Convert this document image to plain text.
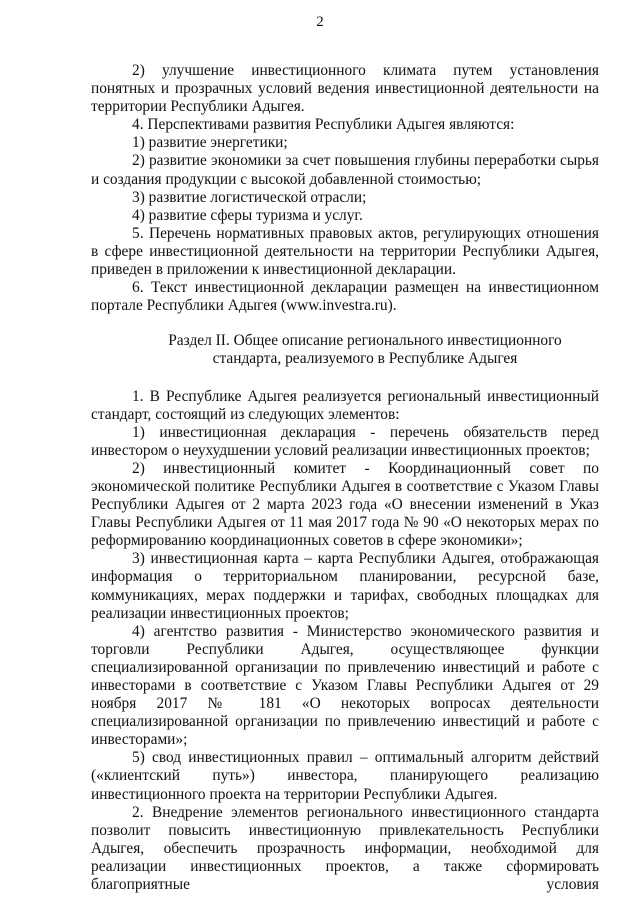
2

2) улучшение инвестиционного климата путем установления понятных и прозрачных условий ведения инвестиционной деятельности на территории Республики Адыгея.

4. Перспективами развития Республики Адыгея являются:

1) развитие энергетики;

2) развитие экономики за счет повышения глубины переработки сырья и создания продукции с высокой добавленной стоимостью;

3) развитие логистической отрасли;

4) развитие сферы туризма и услуг.

5. Перечень нормативных правовых актов, регулирующих отношения в сфере инвестиционной деятельности на территории Республики Адыгея, приведен в приложении к инвестиционной декларации.

6. Текст инвестиционной декларации размещен на инвестиционном портале Республики Адыгея (www.investra.ru).

Раздел II. Общее описание регионального инвестиционного
стандарта, реализуемого в Республике Адыгея

1. В Республике Адыгея реализуется региональный инвестиционный стандарт, состоящий из следующих элементов:

1) инвестиционная декларация - перечень обязательств перед инвестором о неухудшении условий реализации инвестиционных проектов;

2) инвестиционный комитет - Координационный совет по экономической политике Республики Адыгея в соответствие с Указом Главы Республики Адыгея от 2 марта 2023 года «О внесении изменений в Указ Главы Республики Адыгея от 11 мая 2017 года № 90 «О некоторых мерах по реформированию координационных советов в сфере экономики»;

3) инвестиционная карта – карта Республики Адыгея, отображающая информация о территориальном планировании, ресурсной базе, коммуникациях, мерах поддержки и тарифах, свободных площадках для реализации инвестиционных проектов;

4) агентство развития - Министерство экономического развития и торговли Республики Адыгея, осуществляющее функции специализированной организации по привлечению инвестиций и работе с инвесторами в соответствие с Указом Главы Республики Адыгея от 29 ноября 2017 № 181 «О некоторых вопросах деятельности специализированной организации по привлечению инвестиций и работе с инвесторами»;

5) свод инвестиционных правил – оптимальный алгоритм действий («клиентский путь») инвестора, планирующего реализацию инвестиционного проекта на территории Республики Адыгея.

2. Внедрение элементов регионального инвестиционного стандарта позволит повысить инвестиционную привлекательность Республики Адыгея, обеспечить прозрачность информации, необходимой для реализации инвестиционных проектов, а также сформировать благоприятные условия
